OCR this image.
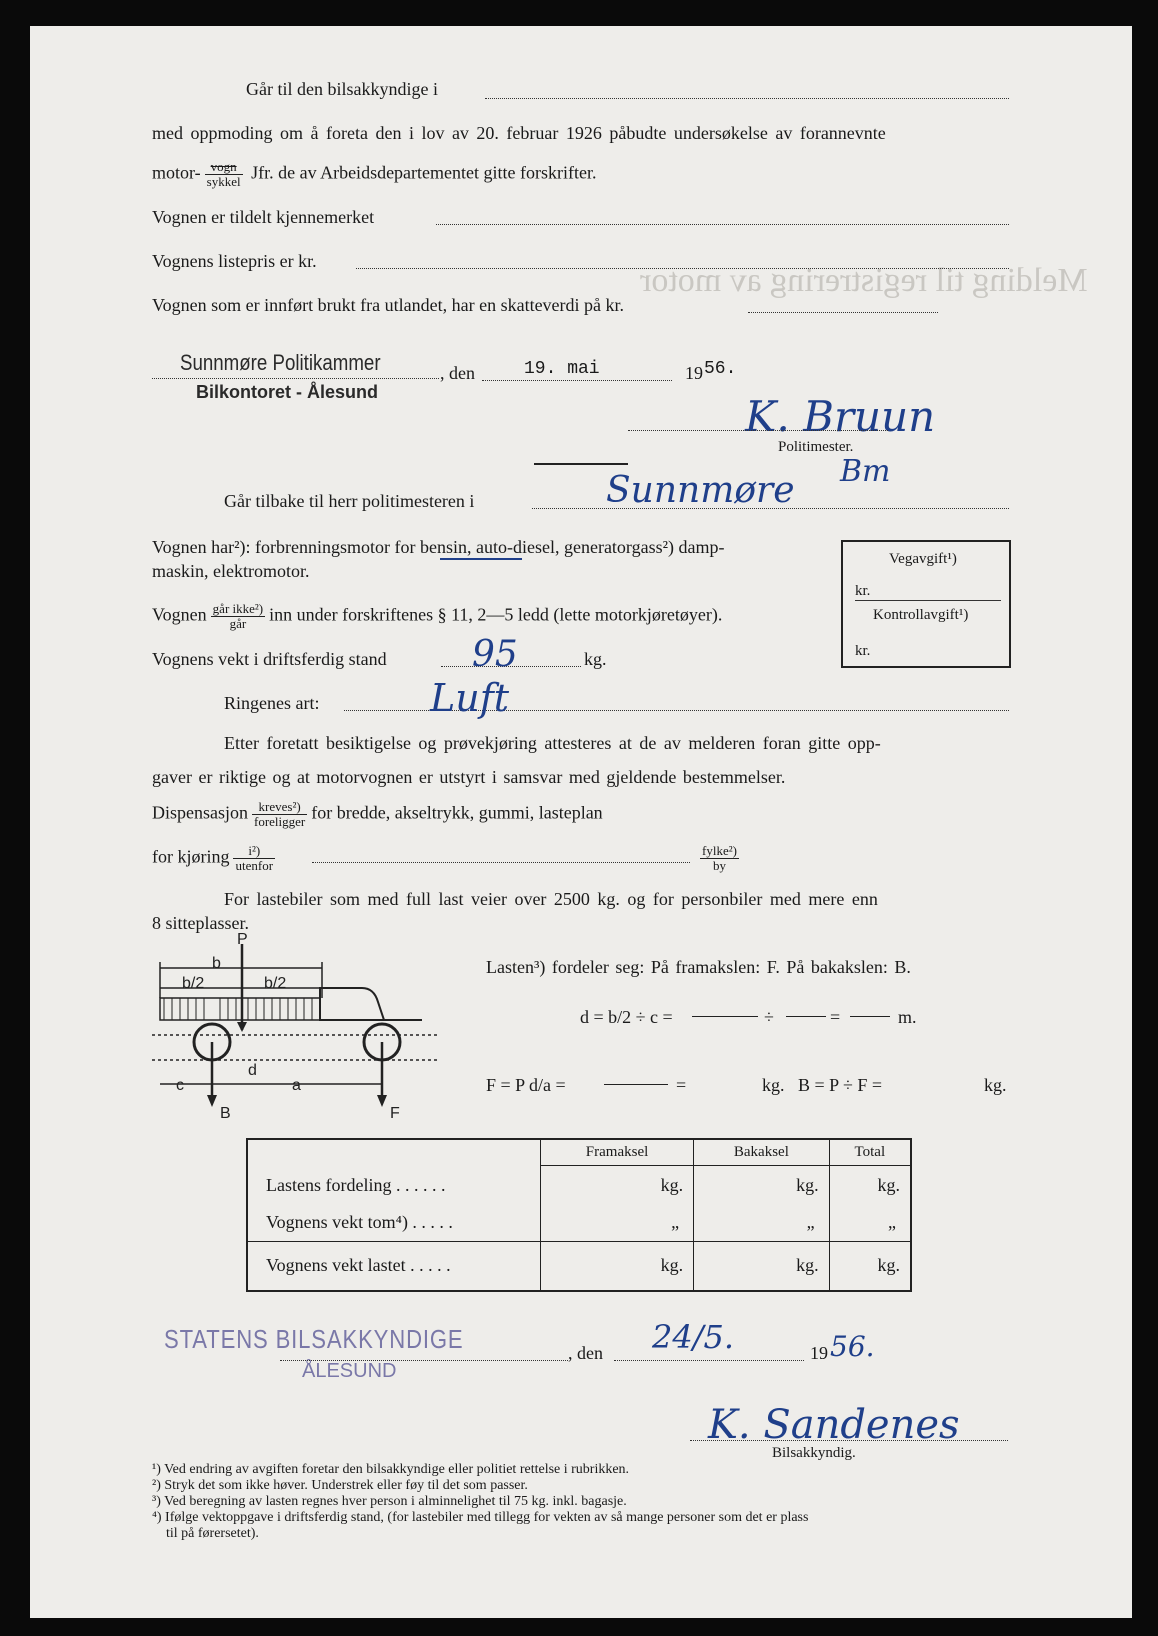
Melding til registrering av motor
Går til den bilsakkyndige i
med oppmoding om å foreta den i lov av 20. februar 1926 påbudte undersøkelse av forannevnte
motor- $\frac{\text{vogn}}{\text{sykkel}}$ Jfr. de av Arbeidsdepartementet gitte forskrifter.
Vognen er tildelt kjennemerket
Vognens listepris er kr.
Vognen som er innført brukt fra utlandet, har en skatteverdi på kr.
Sunnmøre Politikammer
Bilkontoret - Ålesund
, den	19. mai	19 56.
K. Bruun
Politimester.
Går tilbake til herr politimesteren i	Sunnmøre Bm
Vognen har²): forbrenningsmotor for bensin, auto-diesel, generatorgass²) damp-
maskin, elektromotor.
Vognen $\frac{\text{går ikke²)}}{\text{går}}$ inn under forskriftenes § 11, 2—5 ledd (lette motorkjøretøyer).
Vognens vekt i driftsferdig stand 95	kg.
Ringenes art:	Luft
Vegavgift¹)
kr.
Kontrollavgift¹)
kr.
Etter foretatt besiktigelse og prøvekjøring attesteres at de av melderen foran gitte opp-
gaver er riktige og at motorvognen er utstyrt i samsvar med gjeldende bestemmelser.
Dispensasjon $\frac{\text{kreves²)}}{\text{foreligger}}$ for bredde, akseltrykk, gummi, lasteplan
for kjøring $\frac{\text{i²)}}{\text{utenfor}}$	$\frac{\text{fylke²)}}{by}$
For lastebiler som med full last veier over 2500 kg. og for personbiler med mere enn
8 sitteplasser.
P
b
b/2	b/2
c	a
d
B	F
Lasten³) fordeler seg: På framakslen: F. På bakakslen: B.
d = b/2 ÷ c =	÷	=	m.
F = P d/a =	=	kg. B = P ÷ F =	kg.
	Framaksel	Bakaksel	Total
Lastens fordeling . . . . . .	kg.	kg.	kg.
Vognens vekt tom⁴) . . . . .	„	„	„
Vognens vekt lastet . . . . .	kg.	kg.	kg.
STATENS BILSAKKYNDIGE
ÅLESUND
, den 24/5.	19 56.
K. Sandenes
Bilsakkyndig.
¹) Ved endring av avgiften foretar den bilsakkyndige eller politiet rettelse i rubrikken.
²) Stryk det som ikke høver. Understrek eller føy til det som passer.
³) Ved beregning av lasten regnes hver person i alminnelighet til 75 kg. inkl. bagasje.
⁴) Ifølge vektoppgave i driftsferdig stand, (for lastebiler med tillegg for vekten av så mange personer som det er plass
til på førersetet).
